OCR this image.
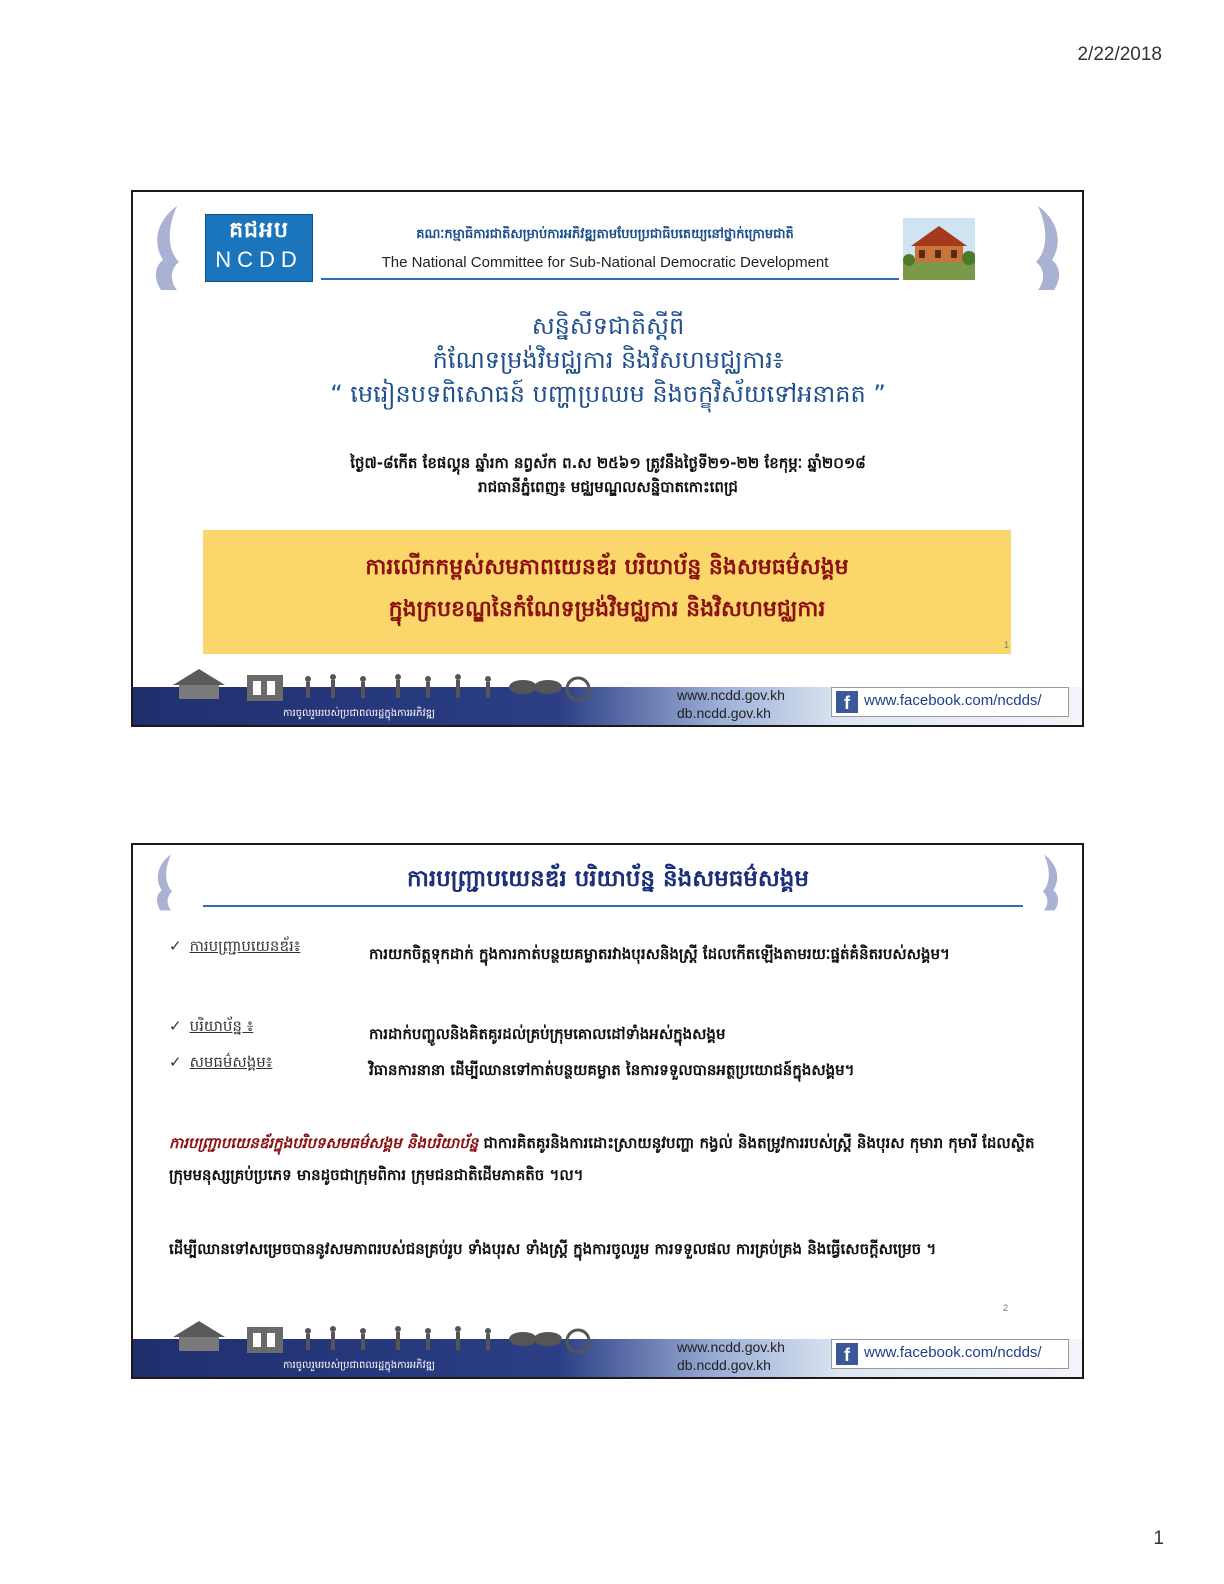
2/22/2018
គជអប
NCDD
គណៈកម្មាធិការជាតិសម្រាប់ការអភិវឌ្ឍតាមបែបប្រជាធិបតេយ្យនៅថ្នាក់ក្រោមជាតិ
The National Committee for Sub-National Democratic Development
សន្និសីទជាតិស្តីពី
កំណែទម្រង់វិមជ្ឈការ និងវិសហមជ្ឈការ៖
“ មេរៀនបទពិសោធន៍ បញ្ហាប្រឈម និងចក្ខុវិស័យទៅអនាគត ”
ថ្ងៃ៧-៨កើត ខែផល្គុន ឆ្នាំរកា នព្វស័ក ព.ស ២៥៦១ ត្រូវនឹងថ្ងៃទី២១-២២ ខែកុម្ភៈ ឆ្នាំ២០១៨
រាជធានីភ្នំពេញ៖ មជ្ឈមណ្ឌលសន្និបាតកោះពេជ្រ
ការលើកកម្ពស់សមភាពយេនឌ័រ បរិយាប័ន្ន និងសមធម៌សង្គម
ក្នុងក្របខណ្ឌនៃកំណែទម្រង់វិមជ្ឈការ និងវិសហមជ្ឈការ
1
ការចូលរួមរបស់ប្រជាពលរដ្ឋក្នុងការអភិវឌ្ឍ
www.ncdd.gov.kh
db.ncdd.gov.kh	f www.facebook.com/ncdds/
ការបញ្ជ្រាបយេនឌ័រ បរិយាប័ន្ន និងសមធម៌សង្គម
✓ ការបញ្ជ្រាបយេនឌ័រ៖	ការយកចិត្តទុកដាក់ ក្នុងការកាត់បន្ថយគម្លាតរវាងបុរសនិងស្ត្រី ដែលកើតឡើងតាមរយៈផ្នត់គំនិតរបស់សង្គម។
✓ បរិយាប័ន្ន ៖	ការដាក់បញ្ចូលនិងគិតគូរដល់គ្រប់ក្រុមគោលដៅទាំងអស់ក្នុងសង្គម
✓ សមធម៌សង្គម៖	វិធានការនានា ដើម្បីឈានទៅកាត់បន្ថយគម្លាត នៃការទទួលបានអត្ថប្រយោជន៍ក្នុងសង្គម។
ការបញ្ជ្រាបយេនឌ័រក្នុងបរិបទសមធម៌សង្គម និងបរិយាប័ន្ន ជាការគិតគូរនិងការដោះស្រាយនូវបញ្ហា កង្វល់ និងតម្រូវការរបស់ស្ត្រី និងបុរស កុមារា កុមារី ដែលស្ថិតក្រុមមនុស្សគ្រប់ប្រភេទ មានដូចជាក្រុមពិការ ក្រុមជនជាតិដើមភាគតិច ។ល។
ដើម្បីឈានទៅសម្រេចបាននូវសមភាពរបស់ជនគ្រប់រូប ទាំងបុរស ទាំងស្ត្រី ក្នុងការចូលរួម ការទទួលផល ការគ្រប់គ្រង និងធ្វើសេចក្តីសម្រេច ។
2
ការចូលរួមរបស់ប្រជាពលរដ្ឋក្នុងការអភិវឌ្ឍ
www.ncdd.gov.kh
db.ncdd.gov.kh	f www.facebook.com/ncdds/
1
